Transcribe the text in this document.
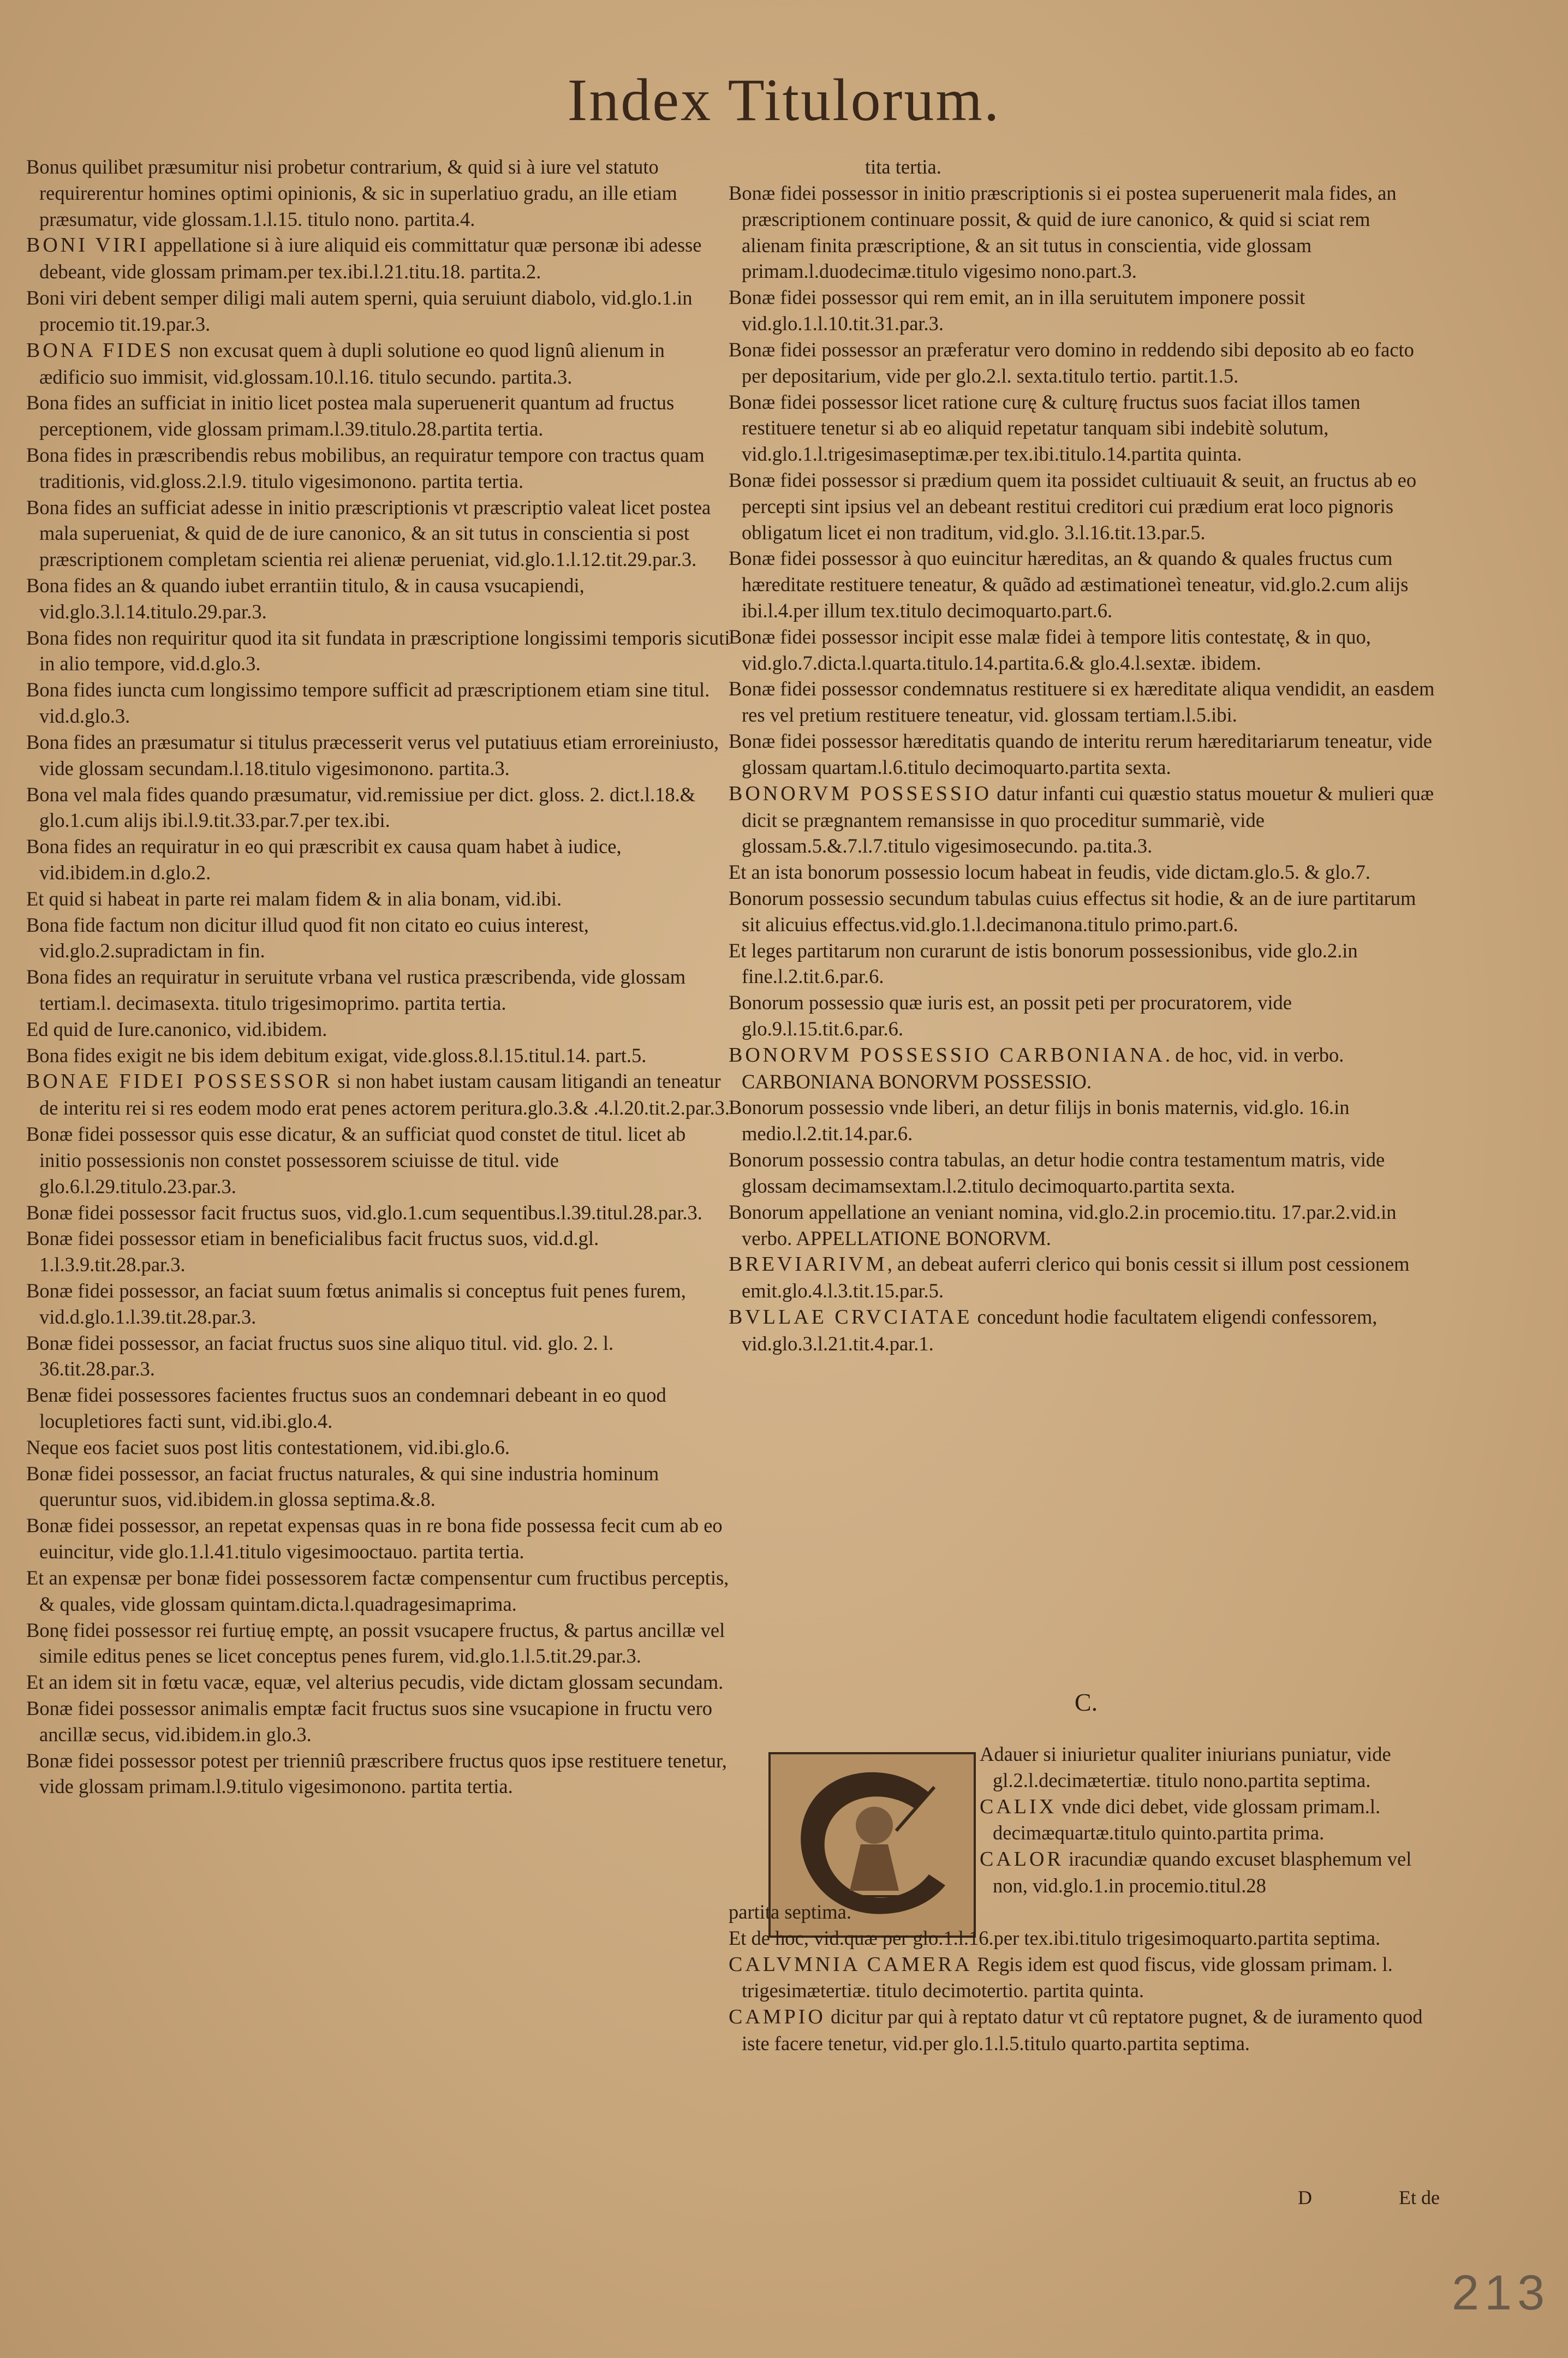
Index Titulorum.

Bonus quilibet præsumitur nisi probetur contrarium, & quid si à iure vel statuto requirerentur homines optimi opinionis, & sic in superlatiuo gradu, an ille etiam præsumatur, vide glossam.1.l.15. titulo nono. partita.4.

BONI VIRI appellatione si à iure aliquid eis committatur quæ personæ ibi adesse debeant, vide glossam primam.per tex.ibi.l.21.titu.18. partita.2.

Boni viri debent semper diligi mali autem sperni, quia seruiunt diabolo, vid.glo.1.in procemio tit.19.par.3.

BONA FIDES non excusat quem à dupli solutione eo quod lignû alienum in ædificio suo immisit, vid.glossam.10.l.16. titulo secundo. partita.3.

Bona fides an sufficiat in initio licet postea mala superuenerit quantum ad fructus perceptionem, vide glossam primam.l.39.titulo.28.partita tertia.

Bona fides in præscribendis rebus mobilibus, an requiratur tempore con tractus quam traditionis, vid.gloss.2.l.9. titulo vigesimonono. partita tertia.

Bona fides an sufficiat adesse in initio præscriptionis vt præscriptio valeat licet postea mala superueniat, & quid de de iure canonico, & an sit tutus in conscientia si post præscriptionem completam scientia rei alienæ perueniat, vid.glo.1.l.12.tit.29.par.3.

Bona fides an & quando iubet errantiin titulo, & in causa vsucapiendi, vid.glo.3.l.14.titulo.29.par.3.

Bona fides non requiritur quod ita sit fundata in præscriptione longissimi temporis sicuti in alio tempore, vid.d.glo.3.

Bona fides iuncta cum longissimo tempore sufficit ad præscriptionem etiam sine titul. vid.d.glo.3.

Bona fides an præsumatur si titulus præcesserit verus vel putatiuus etiam erroreiniusto, vide glossam secundam.l.18.titulo vigesimonono. partita.3.

Bona vel mala fides quando præsumatur, vid.remissiue per dict. gloss. 2. dict.l.18.& glo.1.cum alijs ibi.l.9.tit.33.par.7.per tex.ibi.

Bona fides an requiratur in eo qui præscribit ex causa quam habet à iudice, vid.ibidem.in d.glo.2.

Et quid si habeat in parte rei malam fidem & in alia bonam, vid.ibi.

Bona fide factum non dicitur illud quod fit non citato eo cuius interest, vid.glo.2.supradictam in fin.

Bona fides an requiratur in seruitute vrbana vel rustica præscribenda, vide glossam tertiam.l. decimasexta. titulo trigesimoprimo. partita tertia.

Ed quid de Iure.canonico, vid.ibidem.

Bona fides exigit ne bis idem debitum exigat, vide.gloss.8.l.15.titul.14. part.5.

BONAE FIDEI POSSESSOR si non habet iustam causam litigandi an teneatur de interitu rei si res eodem modo erat penes actorem peritura.glo.3.& .4.l.20.tit.2.par.3.

Bonæ fidei possessor quis esse dicatur, & an sufficiat quod constet de titul. licet ab initio possessionis non constet possessorem sciuisse de titul. vide glo.6.l.29.titulo.23.par.3.

Bonæ fidei possessor facit fructus suos, vid.glo.1.cum sequentibus.l.39.titul.28.par.3.

Bonæ fidei possessor etiam in beneficialibus facit fructus suos, vid.d.gl. 1.l.3.9.tit.28.par.3.

Bonæ fidei possessor, an faciat suum fœtus animalis si conceptus fuit penes furem, vid.d.glo.1.l.39.tit.28.par.3.

Bonæ fidei possessor, an faciat fructus suos sine aliquo titul. vid. glo. 2. l. 36.tit.28.par.3.

Benæ fidei possessores facientes fructus suos an condemnari debeant in eo quod locupletiores facti sunt, vid.ibi.glo.4.

Neque eos faciet suos post litis contestationem, vid.ibi.glo.6.

Bonæ fidei possessor, an faciat fructus naturales, & qui sine industria hominum queruntur suos, vid.ibidem.in glossa septima.&.8.

Bonæ fidei possessor, an repetat expensas quas in re bona fide possessa fecit cum ab eo euincitur, vide glo.1.l.41.titulo vigesimooctauo. partita tertia.

Et an expensæ per bonæ fidei possessorem factæ compensentur cum fructibus perceptis, & quales, vide glossam quintam.dicta.l.quadragesimaprima.

Bonę fidei possessor rei furtiuę emptę, an possit vsucapere fructus, & partus ancillæ vel simile editus penes se licet conceptus penes furem, vid.glo.1.l.5.tit.29.par.3.

Et an idem sit in fœtu vacæ, equæ, vel alterius pecudis, vide dictam glossam secundam.

Bonæ fidei possessor animalis emptæ facit fructus suos sine vsucapione in fructu vero ancillæ secus, vid.ibidem.in glo.3.

Bonæ fidei possessor potest per trienniû præscribere fructus quos ipse restituere tenetur, vide glossam primam.l.9.titulo vigesimonono. partita tertia.

tita tertia.

Bonæ fidei possessor in initio præscriptionis si ei postea superuenerit mala fides, an præscriptionem continuare possit, & quid de iure canonico, & quid si sciat rem alienam finita præscriptione, & an sit tutus in conscientia, vide glossam primam.l.duodecimæ.titulo vigesimo nono.part.3.

Bonæ fidei possessor qui rem emit, an in illa seruitutem imponere possit vid.glo.1.l.10.tit.31.par.3.

Bonæ fidei possessor an præferatur vero domino in reddendo sibi deposito ab eo facto per depositarium, vide per glo.2.l. sexta.titulo tertio. partit.1.5.

Bonæ fidei possessor licet ratione curę & culturę fructus suos faciat illos tamen restituere tenetur si ab eo aliquid repetatur tanquam sibi indebitè solutum, vid.glo.1.l.trigesimaseptimæ.per tex.ibi.titulo.14.partita quinta.

Bonæ fidei possessor si prædium quem ita possidet cultiuauit & seuit, an fructus ab eo percepti sint ipsius vel an debeant restitui creditori cui prædium erat loco pignoris obligatum licet ei non traditum, vid.glo. 3.l.16.tit.13.par.5.

Bonæ fidei possessor à quo euincitur hæreditas, an & quando & quales fructus cum hæreditate restituere teneatur, & quãdo ad æstimationeì teneatur, vid.glo.2.cum alijs ibi.l.4.per illum tex.titulo decimoquarto.part.6.

Bonæ fidei possessor incipit esse malæ fidei à tempore litis contestatę, & in quo, vid.glo.7.dicta.l.quarta.titulo.14.partita.6.& glo.4.l.sextæ. ibidem.

Bonæ fidei possessor condemnatus restituere si ex hæreditate aliqua vendidit, an easdem res vel pretium restituere teneatur, vid. glossam tertiam.l.5.ibi.

Bonæ fidei possessor hæreditatis quando de interitu rerum hæreditariarum teneatur, vide glossam quartam.l.6.titulo decimoquarto.partita sexta.

BONORVM POSSESSIO datur infanti cui quæstio status mouetur & mulieri quæ dicit se prægnantem remansisse in quo proceditur summariè, vide glossam.5.&.7.l.7.titulo vigesimosecundo. pa.tita.3.

Et an ista bonorum possessio locum habeat in feudis, vide dictam.glo.5. & glo.7.

Bonorum possessio secundum tabulas cuius effectus sit hodie, & an de iure partitarum sit alicuius effectus.vid.glo.1.l.decimanona.titulo primo.part.6.

Et leges partitarum non curarunt de istis bonorum possessionibus, vide glo.2.in fine.l.2.tit.6.par.6.

Bonorum possessio quæ iuris est, an possit peti per procuratorem, vide glo.9.l.15.tit.6.par.6.

BONORVM POSSESSIO CARBONIANA. de hoc, vid. in verbo. CARBONIANA BONORVM POSSESSIO.

Bonorum possessio vnde liberi, an detur filijs in bonis maternis, vid.glo. 16.in medio.l.2.tit.14.par.6.

Bonorum possessio contra tabulas, an detur hodie contra testamentum matris, vide glossam decimamsextam.l.2.titulo decimoquarto.partita sexta.

Bonorum appellatione an veniant nomina, vid.glo.2.in procemio.titu. 17.par.2.vid.in verbo. APPELLATIONE BONORVM.

BREVIARIVM, an debeat auferri clerico qui bonis cessit si illum post cessionem emit.glo.4.l.3.tit.15.par.5.

BVLLAE CRVCIATAE concedunt hodie facultatem eligendi confessorem, vid.glo.3.l.21.tit.4.par.1.

C.

Adauer si iniurietur qualiter iniurians puniatur, vide gl.2.l.decimætertiæ. titulo nono.partita septima.

CALIX vnde dici debet, vide glossam primam.l. decimæquartæ.titulo quinto.partita prima.

CALOR iracundiæ quando excuset blasphemum vel non, vid.glo.1.in procemio.titul.28

partita septima.

Et de hoc, vid.quæ per glo.1.l.16.per tex.ibi.titulo trigesimoquarto.partita septima.

CALVMNIA CAMERA Regis idem est quod fiscus, vide glossam primam. l. trigesimætertiæ. titulo decimotertio. partita quinta.

CAMPIO dicitur par qui à reptato datur vt cû reptatore pugnet, & de iuramento quod iste facere tenetur, vid.per glo.1.l.5.titulo quarto.partita septima.

D	Et de
213
